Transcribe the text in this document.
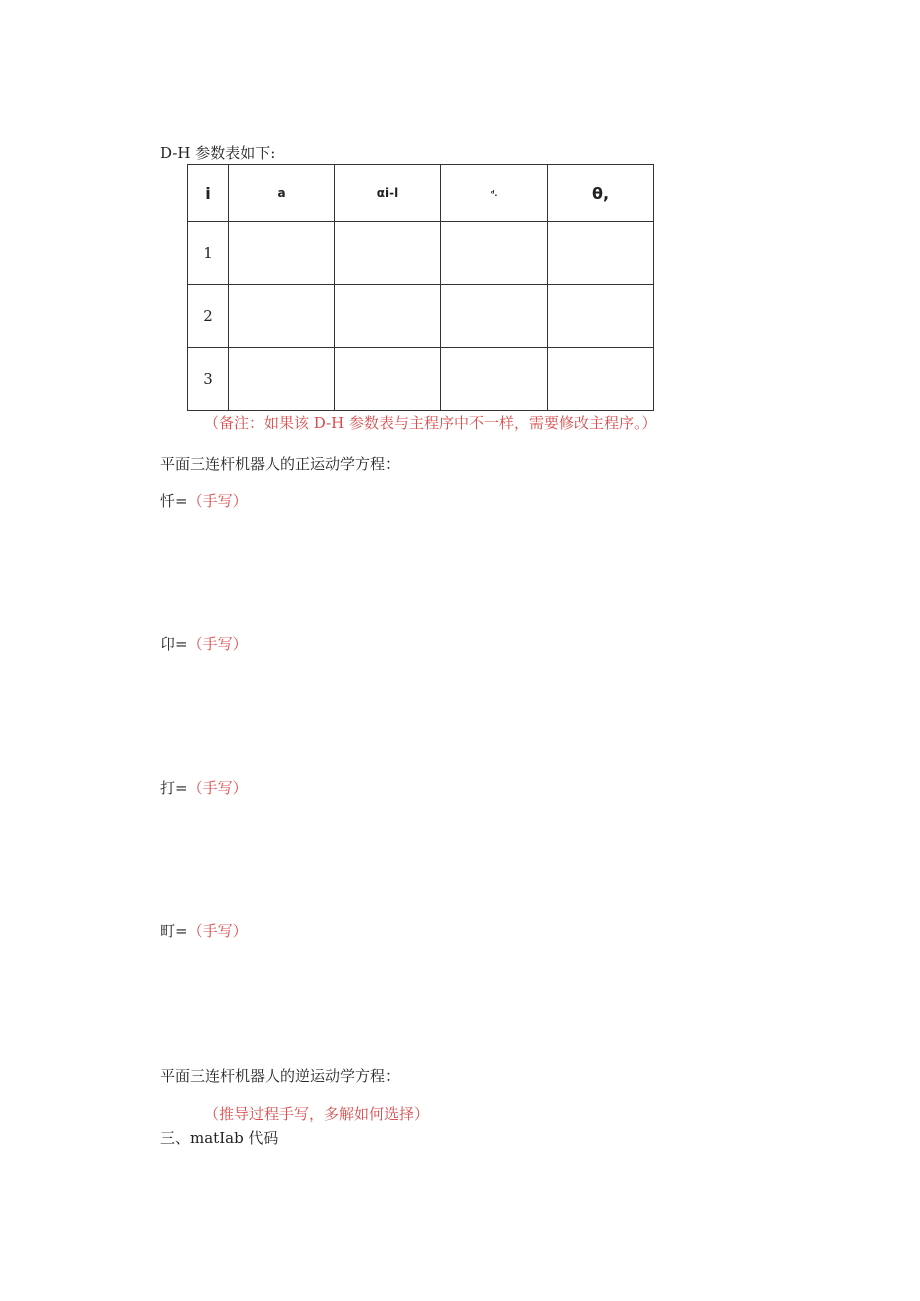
D-H 参数表如下:
i	a	αi-l	ᵈ.	θ,
1				
2				
3				
（备注：如果该 D-H 参数表与主程序中不一样，需要修改主程序。）
平面三连杆机器人的正运动学方程：
忏=（手写）
卬=（手写）
打=（手写）
町=（手写）
平面三连杆机器人的逆运动学方程：
（推导过程手写，多解如何选择）
三、matIab 代码
